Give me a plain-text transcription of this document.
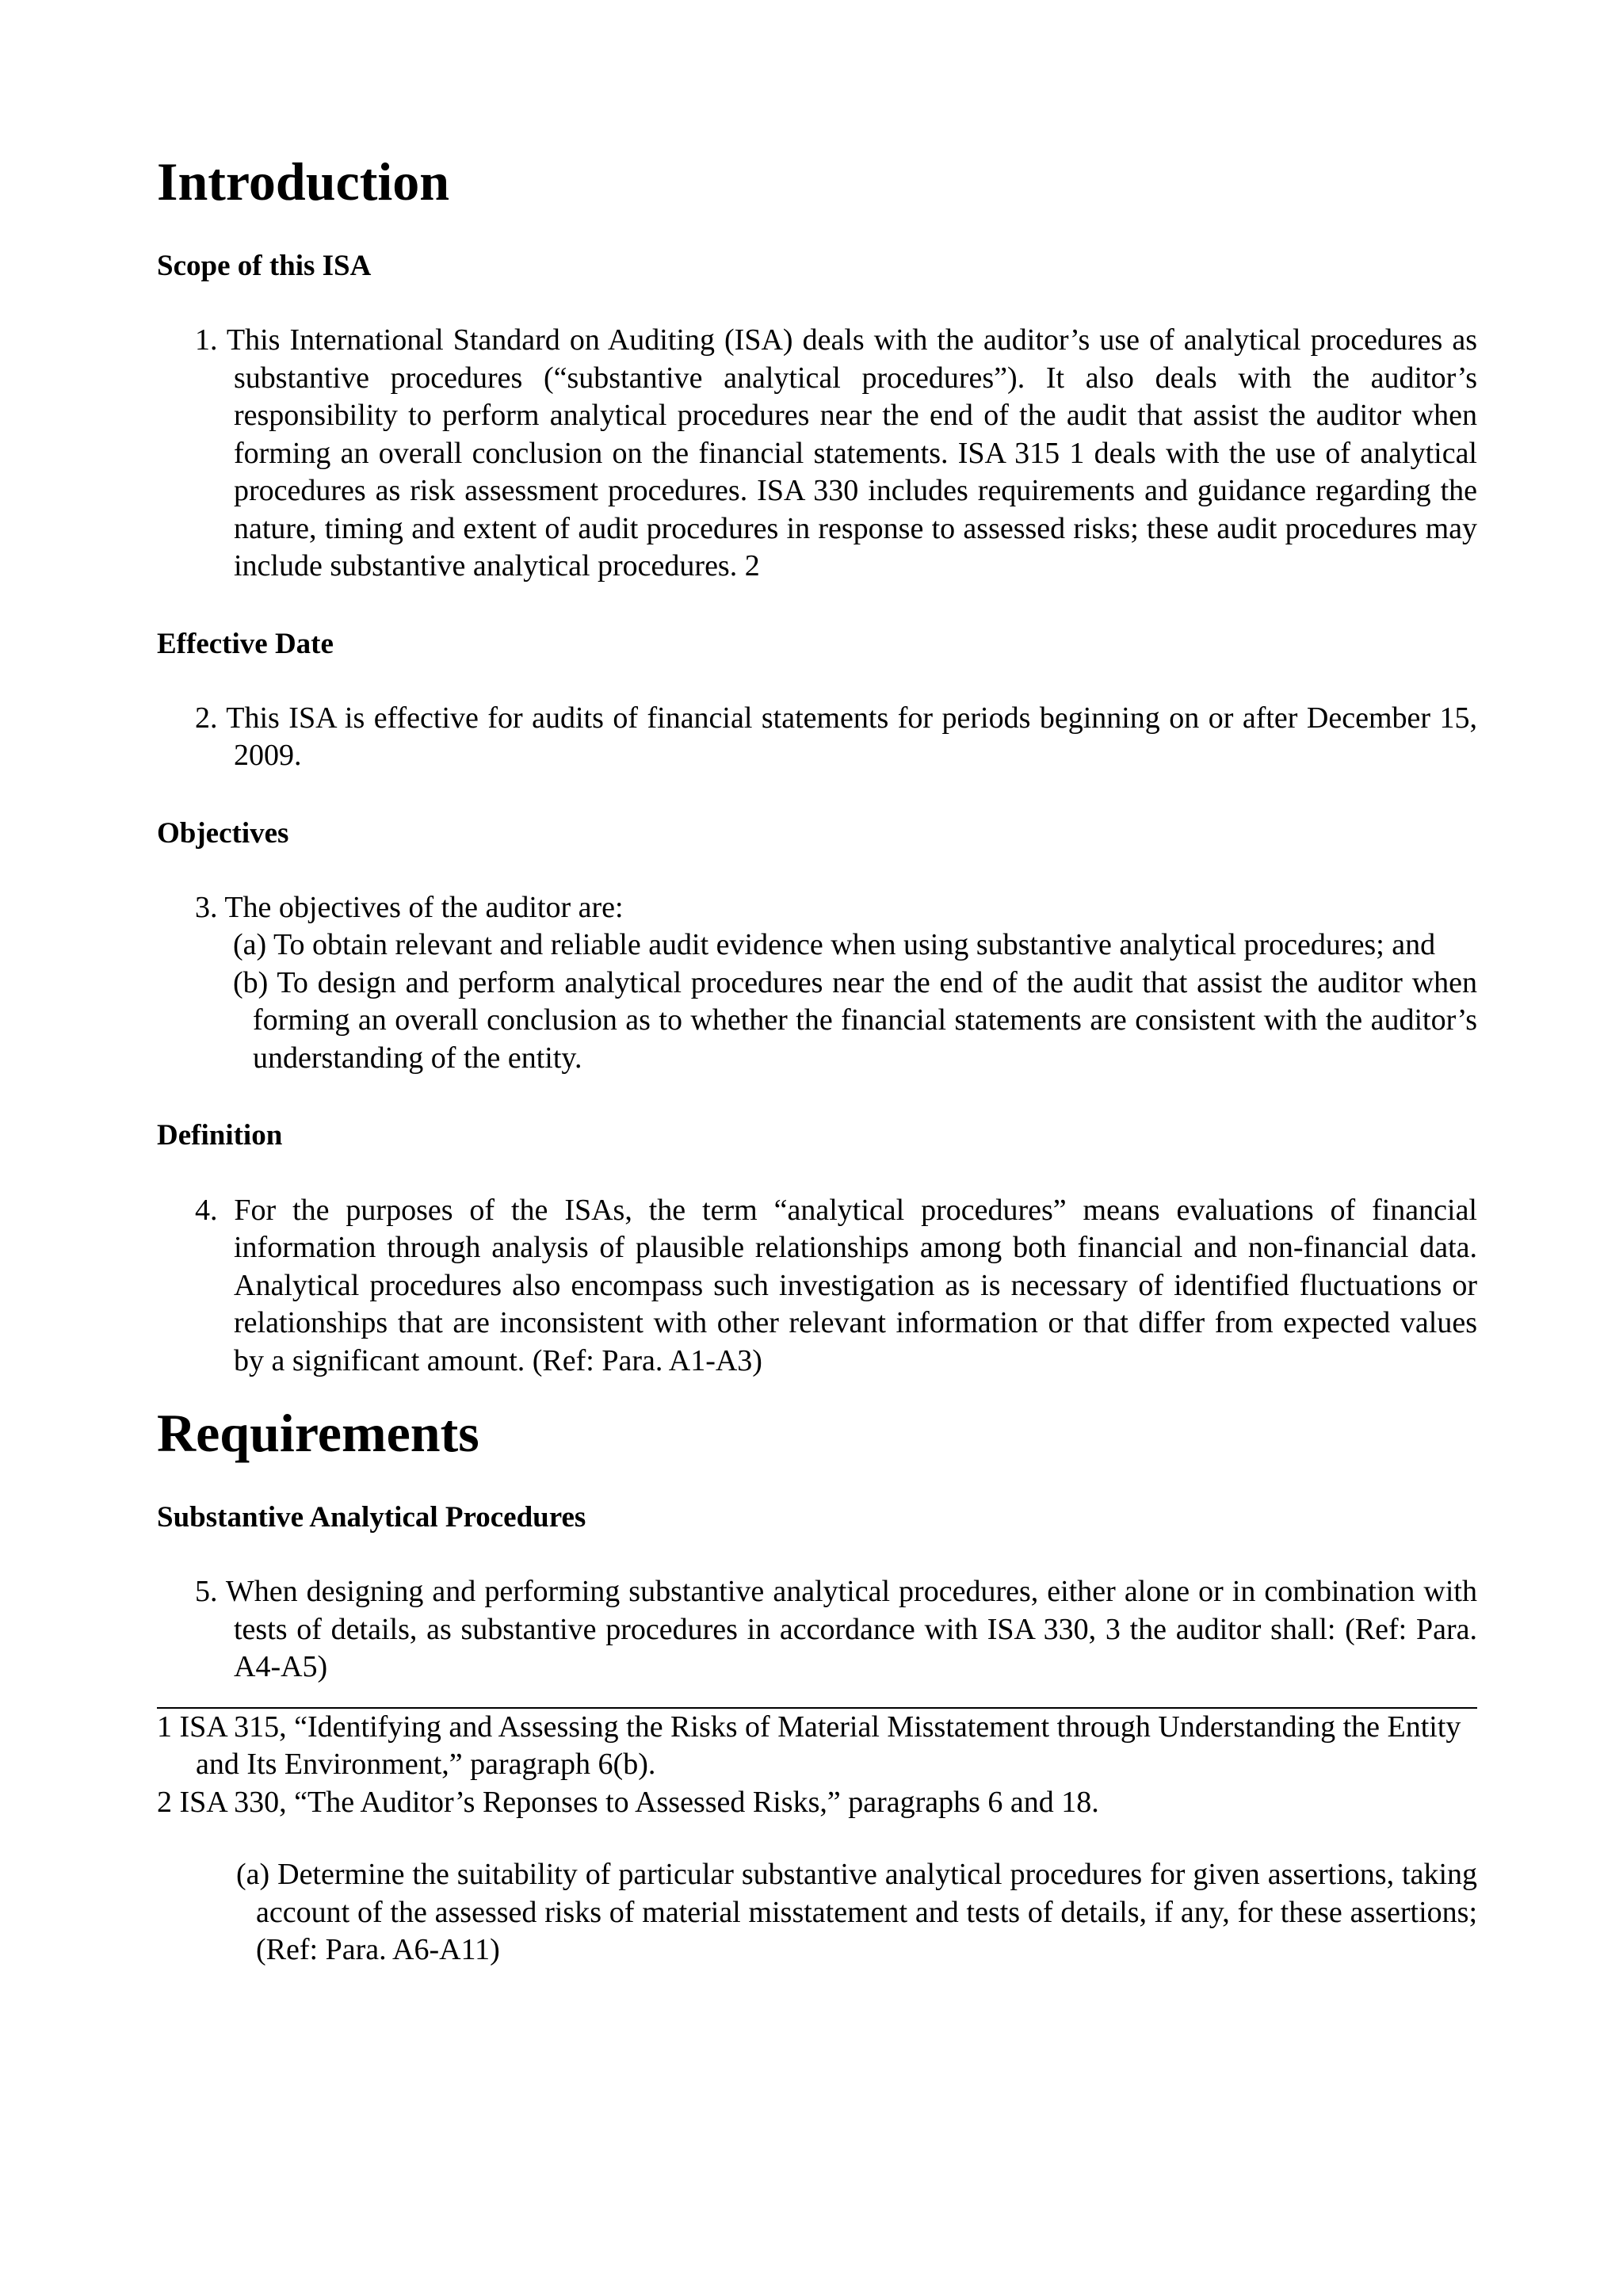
Introduction
Scope of this ISA

1. This International Standard on Auditing (ISA) deals with the auditor’s use of analytical procedures as substantive procedures (“substantive analytical procedures”). It also deals with the auditor’s responsibility to perform analytical procedures near the end of the audit that assist the auditor when forming an overall conclusion on the financial statements. ISA 315 1 deals with the use of analytical procedures as risk assessment procedures. ISA 330 includes requirements and guidance regarding the nature, timing and extent of audit procedures in response to assessed risks; these audit procedures may include substantive analytical procedures. 2

Effective Date

2. This ISA is effective for audits of financial statements for periods beginning on or after December 15, 2009.

Objectives

3. The objectives of the auditor are:

(a) To obtain relevant and reliable audit evidence when using substantive analytical procedures; and

(b) To design and perform analytical procedures near the end of the audit that assist the auditor when forming an overall conclusion as to whether the financial statements are consistent with the auditor’s understanding of the entity.

Definition

4. For the purposes of the ISAs, the term “analytical procedures” means evaluations of financial information through analysis of plausible relationships among both financial and non-financial data. Analytical procedures also encompass such investigation as is necessary of identified fluctuations or relationships that are inconsistent with other relevant information or that differ from expected values by a significant amount. (Ref: Para. A1-A3)

Requirements
Substantive Analytical Procedures

5. When designing and performing substantive analytical procedures, either alone or in combination with tests of details, as substantive procedures in accordance with ISA 330, 3 the auditor shall: (Ref: Para. A4-A5)

1 ISA 315, “Identifying and Assessing the Risks of Material Misstatement through Understanding the Entity and Its Environment,” paragraph 6(b).

2 ISA 330, “The Auditor’s Reponses to Assessed Risks,” paragraphs 6 and 18.

(a) Determine the suitability of particular substantive analytical procedures for given assertions, taking account of the assessed risks of material misstatement and tests of details, if any, for these assertions; (Ref: Para. A6-A11)
